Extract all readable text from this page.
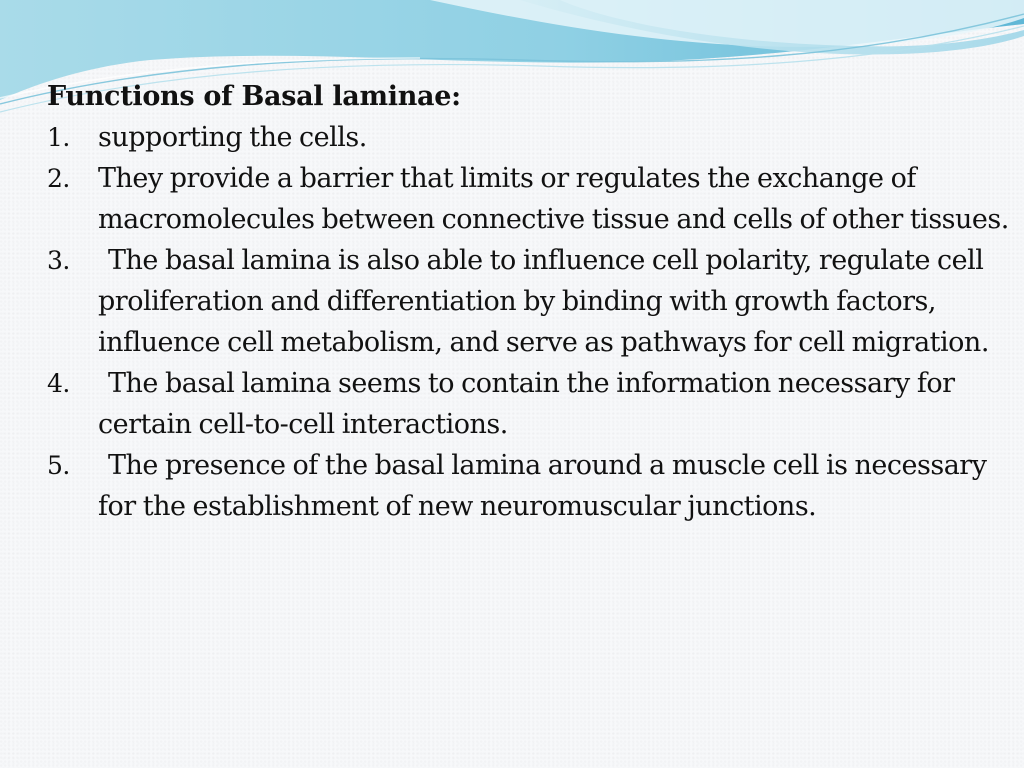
Functions of Basal laminae:
1. supporting the cells.
2. They provide a barrier that limits or regulates the exchange of macromolecules between connective tissue and cells of other tissues.
3. The basal lamina is also able to influence cell polarity, regulate cell proliferation and differentiation by binding with growth factors, influence cell metabolism, and serve as pathways for cell migration.
4. The basal lamina seems to contain the information necessary for certain cell-to-cell interactions.
5. The presence of the basal lamina around a muscle cell is necessary for the establishment of new neuromuscular junctions.
